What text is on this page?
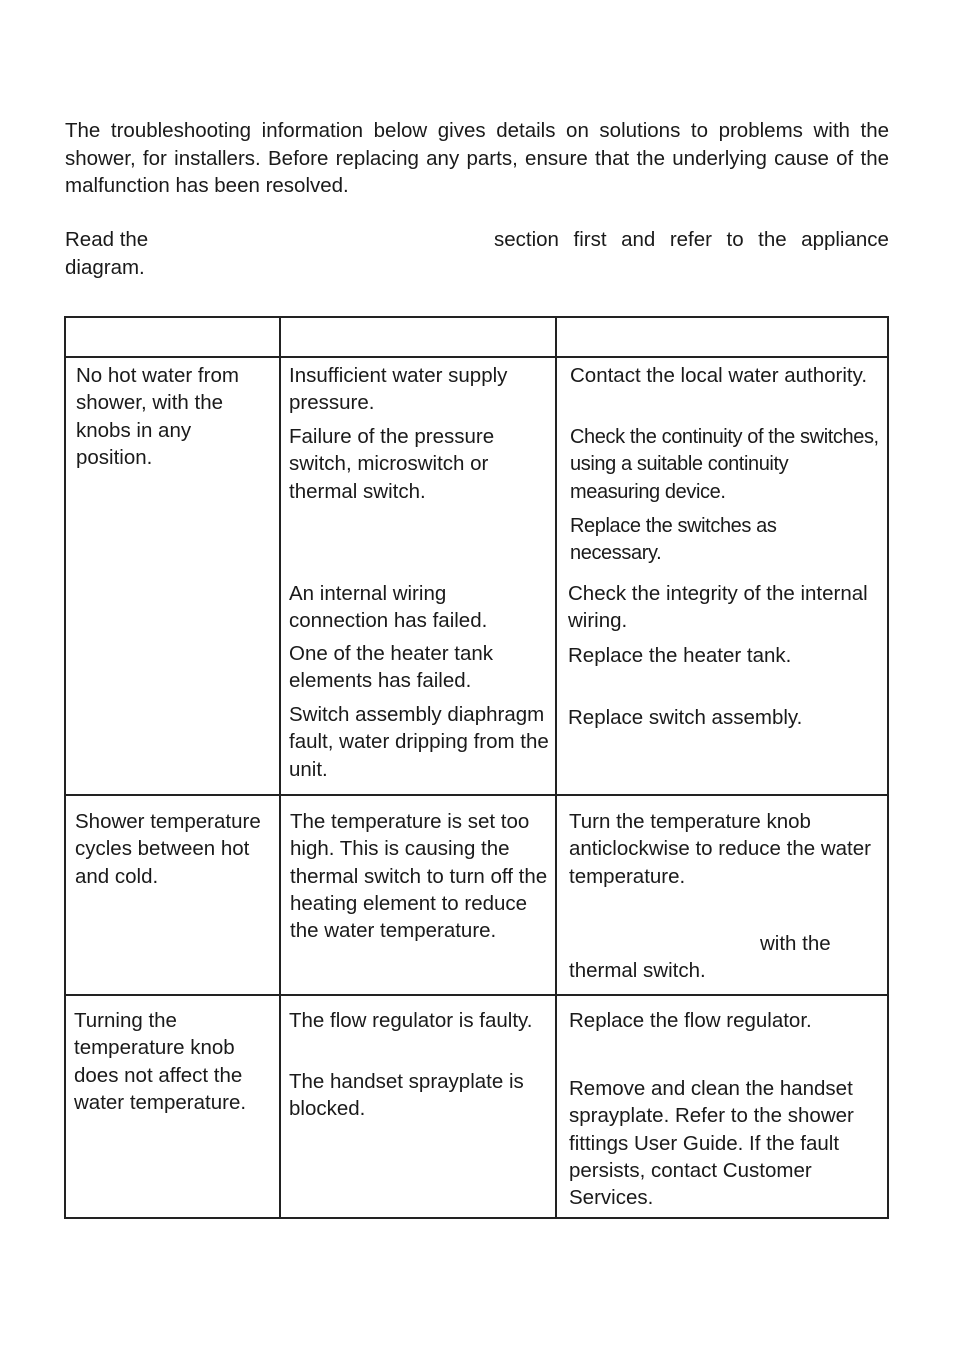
The troubleshooting information below gives details on solutions to problems with the shower, for installers. Before replacing any parts, ensure that the underlying cause of the malfunction has been resolved.

Read the	section first and refer to the appliance
diagram.

No hot water from shower, with the knobs in any position.

Insufficient water supply pressure.

Failure of the pressure switch, microswitch or thermal switch.

An internal wiring connection has failed.

One of the heater tank elements has failed.

Switch assembly diaphragm fault, water dripping from the unit.

Contact the local water authority.

Check the continuity of the switches, using a suitable continuity measuring device.

Replace the switches as necessary.

Check the integrity of the internal wiring.

Replace the heater tank.

Replace switch assembly.

Shower temperature cycles between hot and cold.

The temperature is set too high. This is causing the thermal switch to turn off the heating element to reduce the water temperature.

Turn the temperature knob anticlockwise to reduce the water temperature.

with the

thermal switch.

Turning the temperature knob does not affect the water temperature.

The flow regulator is faulty.

The handset sprayplate is blocked.

Replace the flow regulator.

Remove and clean the handset sprayplate. Refer to the shower fittings User Guide. If the fault persists, contact Customer Services.
